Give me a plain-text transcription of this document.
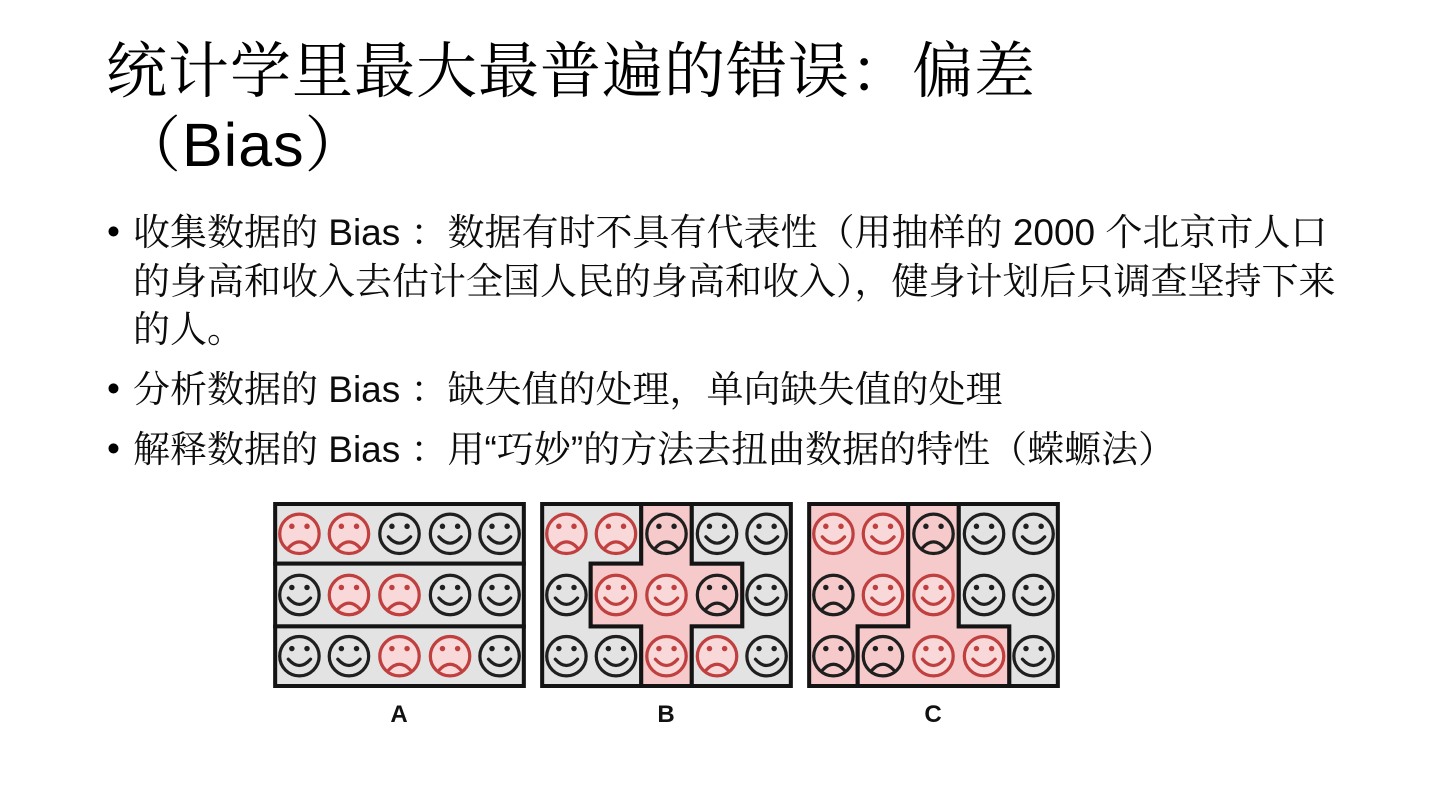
统计学里最大最普遍的错误：偏差
（Bias）
• 收集数据的 Bias ：数据有时不具有代表性（用抽样的 2000 个北京市人口的身高和收入去估计全国人民的身高和收入），健身计划后只调查坚持下来的人。
• 分析数据的 Bias ：缺失值的处理，单向缺失值的处理
• 解释数据的 Bias ：用“巧妙”的方法去扭曲数据的特性（蝾螈法）
A	B	C
